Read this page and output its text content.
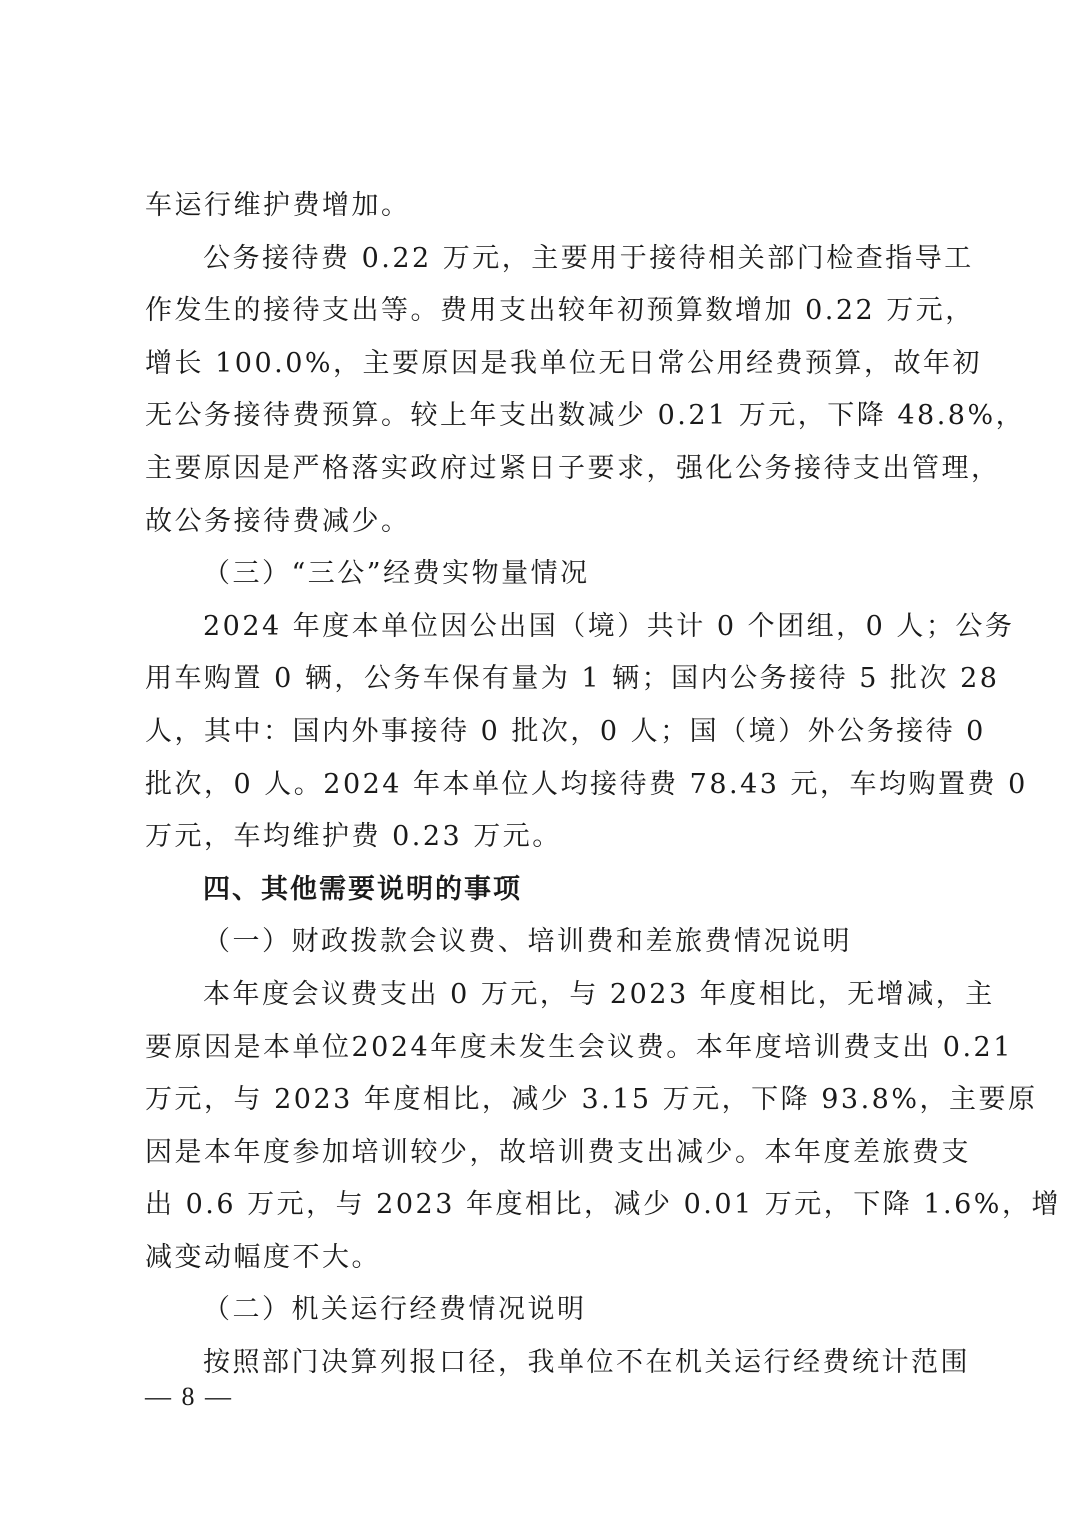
车运行维护费增加。
公务接待费 0.22 万元，主要用于接待相关部门检查指导工
作发生的接待支出等。费用支出较年初预算数增加 0.22 万元，
增长 100.0%，主要原因是我单位无日常公用经费预算，故年初
无公务接待费预算。较上年支出数减少 0.21 万元，下降 48.8%，
主要原因是严格落实政府过紧日子要求，强化公务接待支出管理，
故公务接待费减少。
（三）“三公”经费实物量情况
2024 年度本单位因公出国（境）共计 0 个团组，0 人；公务
用车购置 0 辆，公务车保有量为 1 辆；国内公务接待 5 批次 28
人，其中：国内外事接待 0 批次，0 人；国（境）外公务接待 0
批次，0 人。2024 年本单位人均接待费 78.43 元，车均购置费 0
万元，车均维护费 0.23 万元。
四、其他需要说明的事项
（一）财政拨款会议费、培训费和差旅费情况说明
本年度会议费支出 0 万元，与 2023 年度相比，无增减，主
要原因是本单位2024年度未发生会议费。本年度培训费支出 0.21
万元，与 2023 年度相比，减少 3.15 万元，下降 93.8%，主要原
因是本年度参加培训较少，故培训费支出减少。本年度差旅费支
出 0.6 万元，与 2023 年度相比，减少 0.01 万元，下降 1.6%，增
减变动幅度不大。
（二）机关运行经费情况说明
按照部门决算列报口径，我单位不在机关运行经费统计范围
— 8 —
